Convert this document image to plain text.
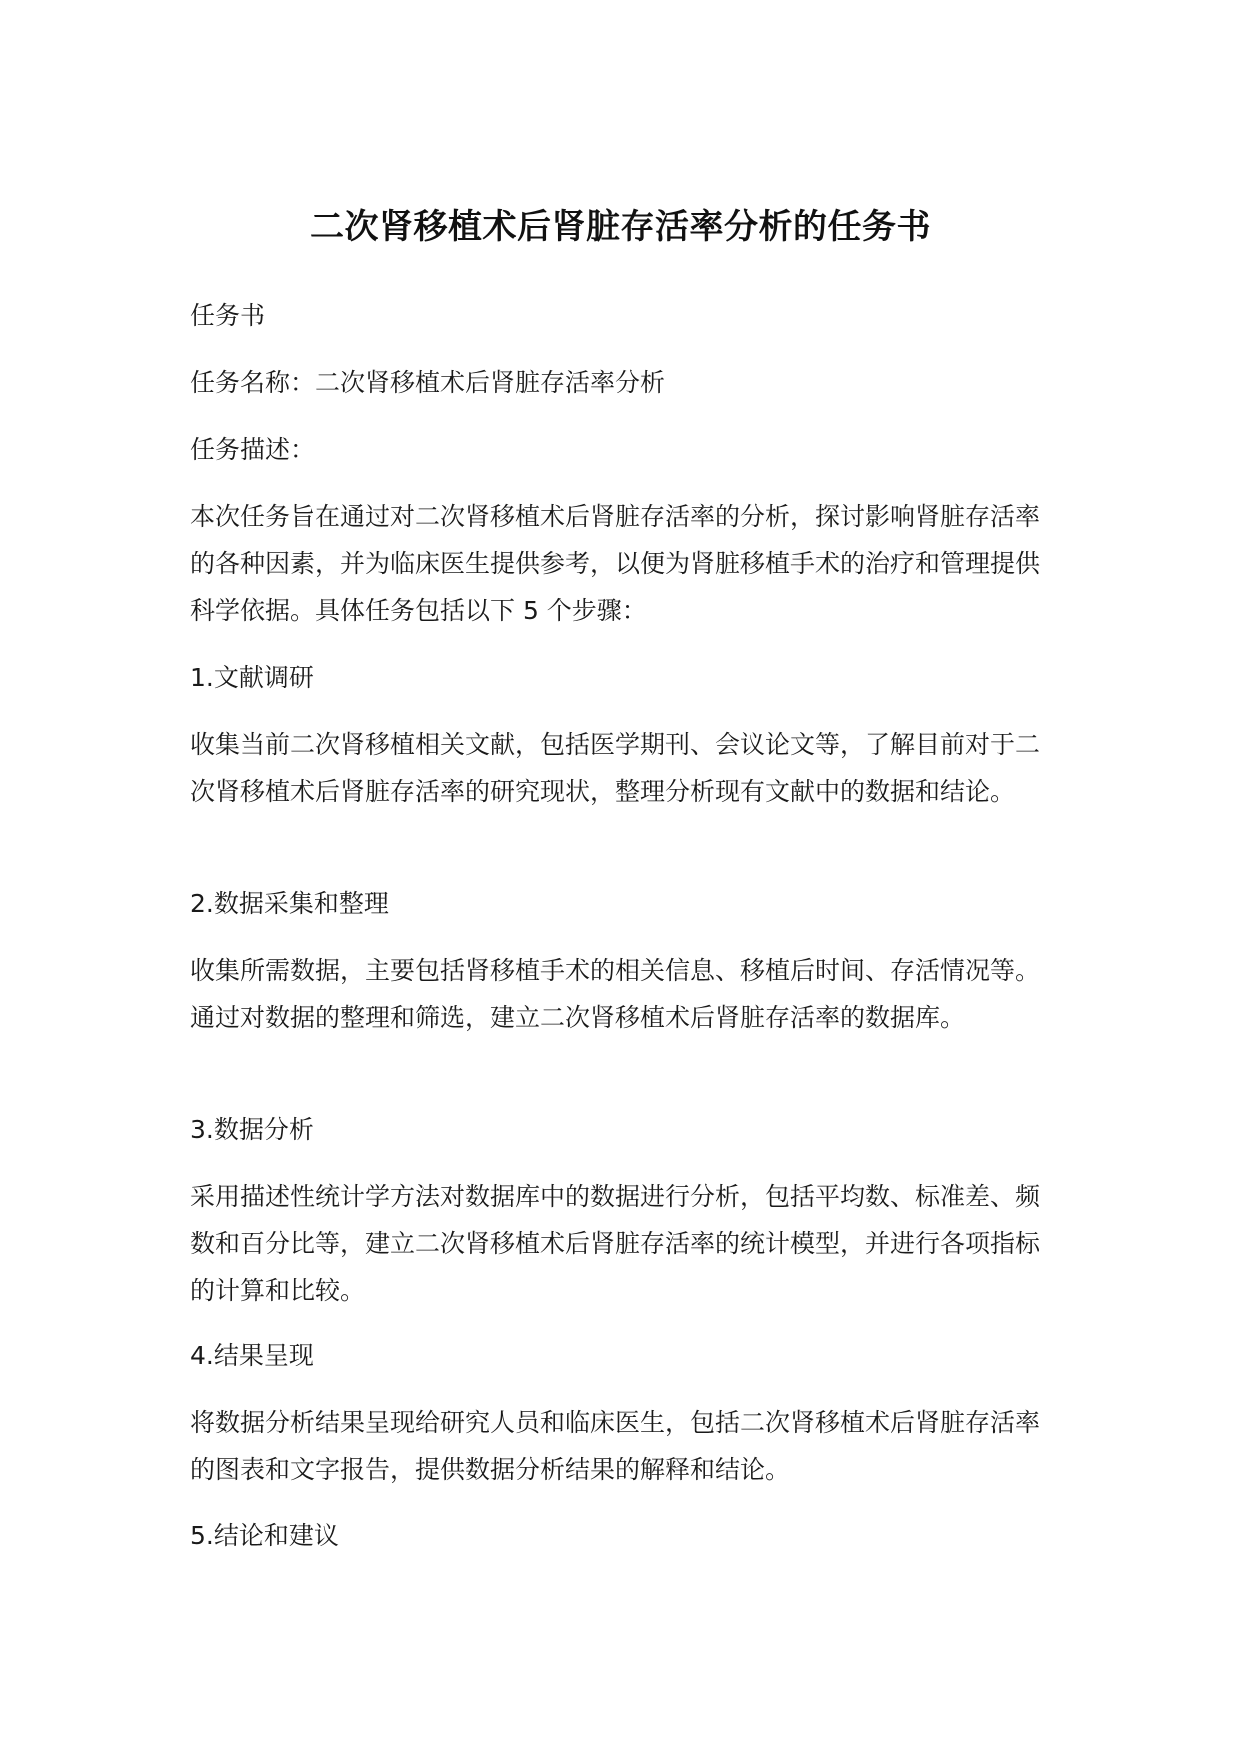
二次肾移植术后肾脏存活率分析的任务书

任务书

任务名称：二次肾移植术后肾脏存活率分析

任务描述：

本次任务旨在通过对二次肾移植术后肾脏存活率的分析，探讨影响肾脏存活率的各种因素，并为临床医生提供参考，以便为肾脏移植手术的治疗和管理提供科学依据。具体任务包括以下 5 个步骤：

1.文献调研

收集当前二次肾移植相关文献，包括医学期刊、会议论文等，了解目前对于二次肾移植术后肾脏存活率的研究现状，整理分析现有文献中的数据和结论。

2.数据采集和整理

收集所需数据，主要包括肾移植手术的相关信息、移植后时间、存活情况等。通过对数据的整理和筛选，建立二次肾移植术后肾脏存活率的数据库。

3.数据分析

采用描述性统计学方法对数据库中的数据进行分析，包括平均数、标准差、频数和百分比等，建立二次肾移植术后肾脏存活率的统计模型，并进行各项指标的计算和比较。

4.结果呈现

将数据分析结果呈现给研究人员和临床医生，包括二次肾移植术后肾脏存活率的图表和文字报告，提供数据分析结果的解释和结论。

5.结论和建议
